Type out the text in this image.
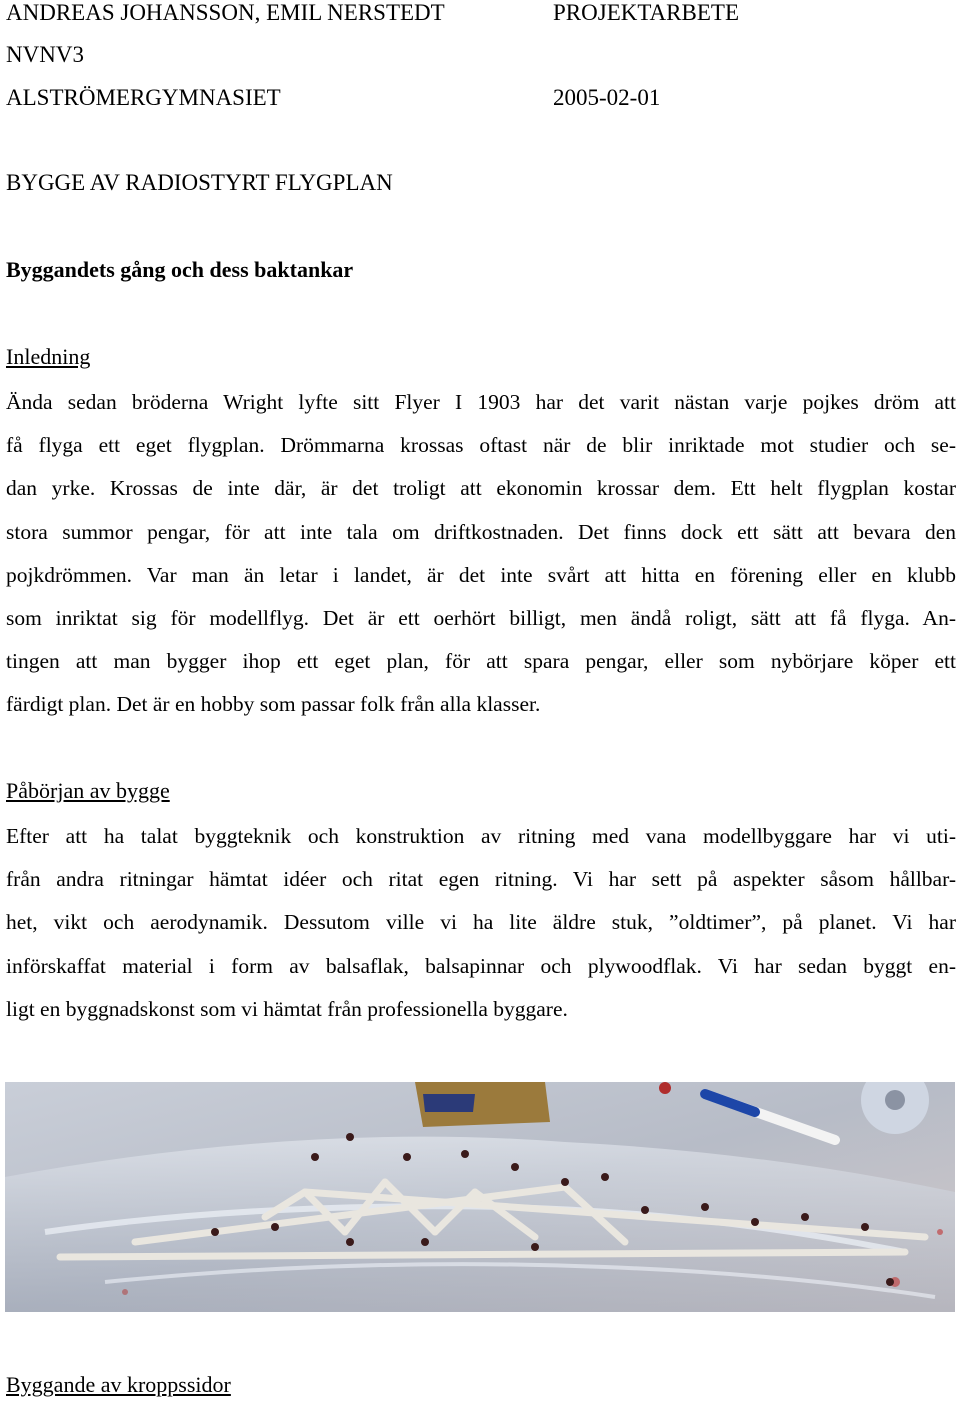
ANDREAS JOHANSSON, EMIL NERSTEDT	PROJEKTARBETE
NVNV3
ALSTRÖMERGYMNASIET	2005-02-01
BYGGE AV RADIOSTYRT FLYGPLAN
Byggandets gång och dess baktankar
Inledning
Ända sedan bröderna Wright lyfte sitt Flyer I 1903 har det varit nästan varje pojkes dröm att
få flyga ett eget flygplan. Drömmarna krossas oftast när de blir inriktade mot studier och se-
dan yrke. Krossas de inte där, är det troligt att ekonomin krossar dem. Ett helt flygplan kostar
stora summor pengar, för att inte tala om driftkostnaden. Det finns dock ett sätt att bevara den
pojkdrömmen. Var man än letar i landet, är det inte svårt att hitta en förening eller en klubb
som inriktat sig för modellflyg. Det är ett oerhört billigt, men ändå roligt, sätt att få flyga. An-
tingen att man bygger ihop ett eget plan, för att spara pengar, eller som nybörjare köper ett
färdigt plan. Det är en hobby som passar folk från alla klasser.
Påbörjan av bygge
Efter att ha talat byggteknik och konstruktion av ritning med vana modellbyggare har vi uti-
från andra ritningar hämtat idéer och ritat egen ritning. Vi har sett på aspekter såsom hållbar-
het, vikt och aerodynamik. Dessutom ville vi ha lite äldre stuk, ”oldtimer”, på planet. Vi har
införskaffat material i form av balsaflak, balsapinnar och plywoodflak. Vi har sedan byggt en-
ligt en byggnadskonst som vi hämtat från professionella byggare.
Byggande av kroppssidor
